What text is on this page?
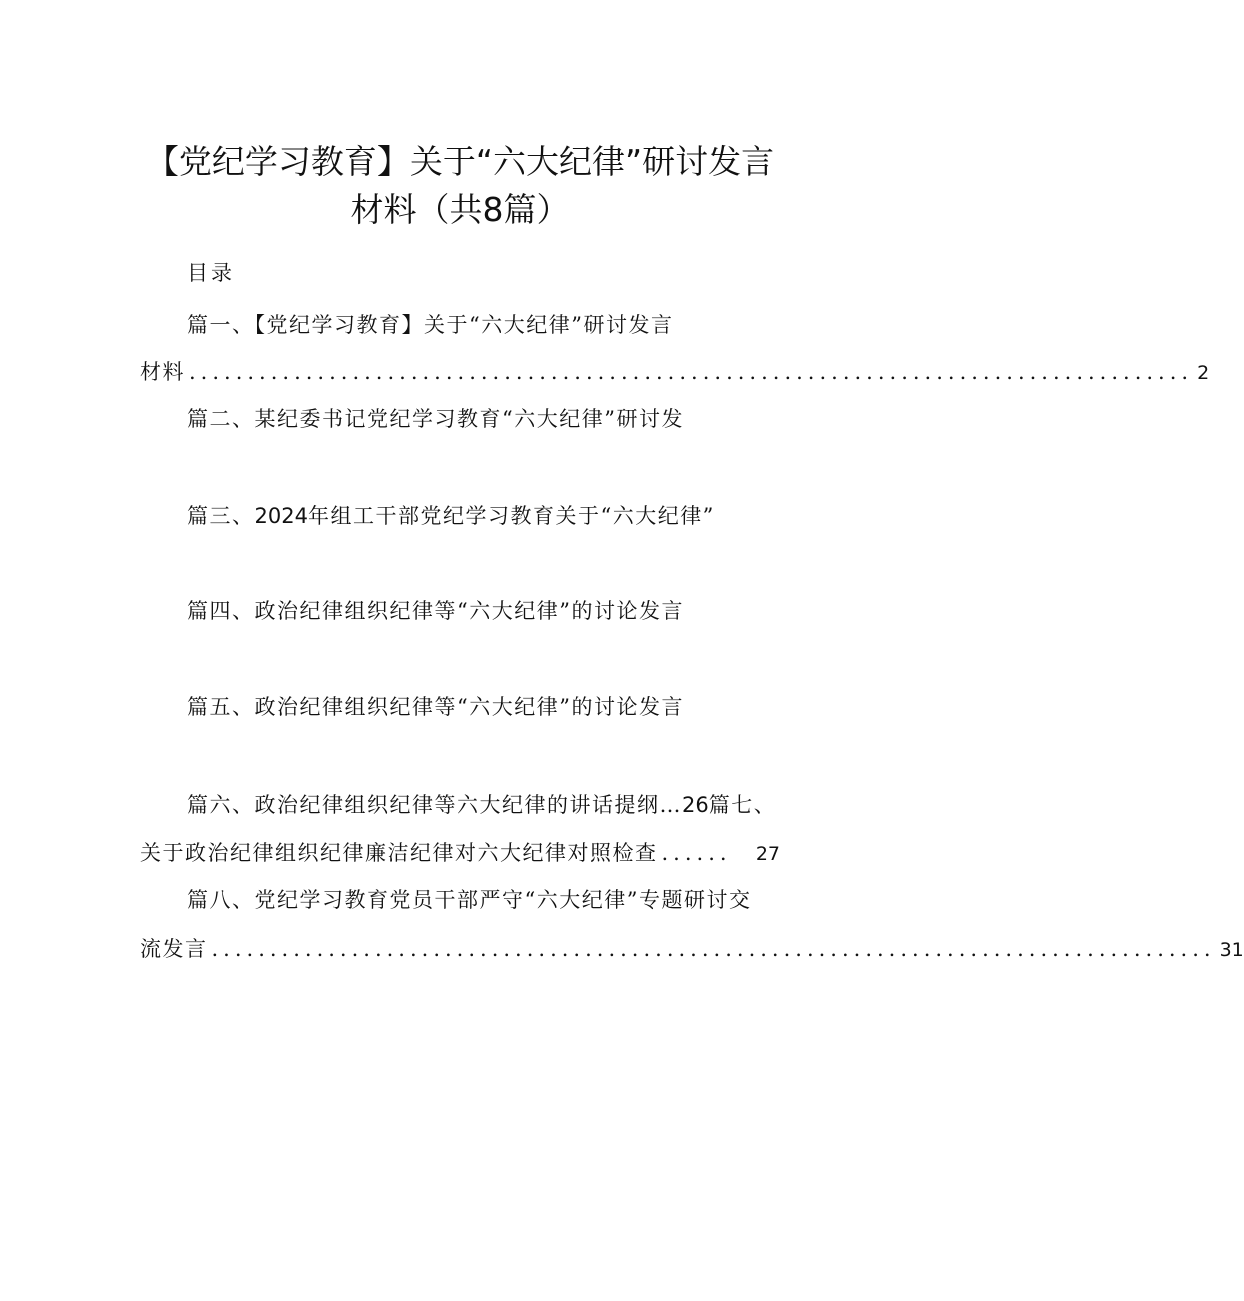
【党纪学习教育】关于“六大纪律”研讨发言
材料（共8篇）
目录
篇一、【党纪学习教育】关于“六大纪律”研讨发言
材料 ...................................................................................... 2
篇二、某纪委书记党纪学习教育“六大纪律”研讨发
篇三、2024年组工干部党纪学习教育关于“六大纪律”
篇四、政治纪律组织纪律等“六大纪律”的讨论发言
篇五、政治纪律组织纪律等“六大纪律”的讨论发言
篇六、政治纪律组织纪律等六大纪律的讲话提纲…26篇七、
关于政治纪律组织纪律廉洁纪律对六大纪律对照检查 ......	27
篇八、党纪学习教育党员干部严守“六大纪律”专题研讨交
流发言 ...................................................................................... 31
